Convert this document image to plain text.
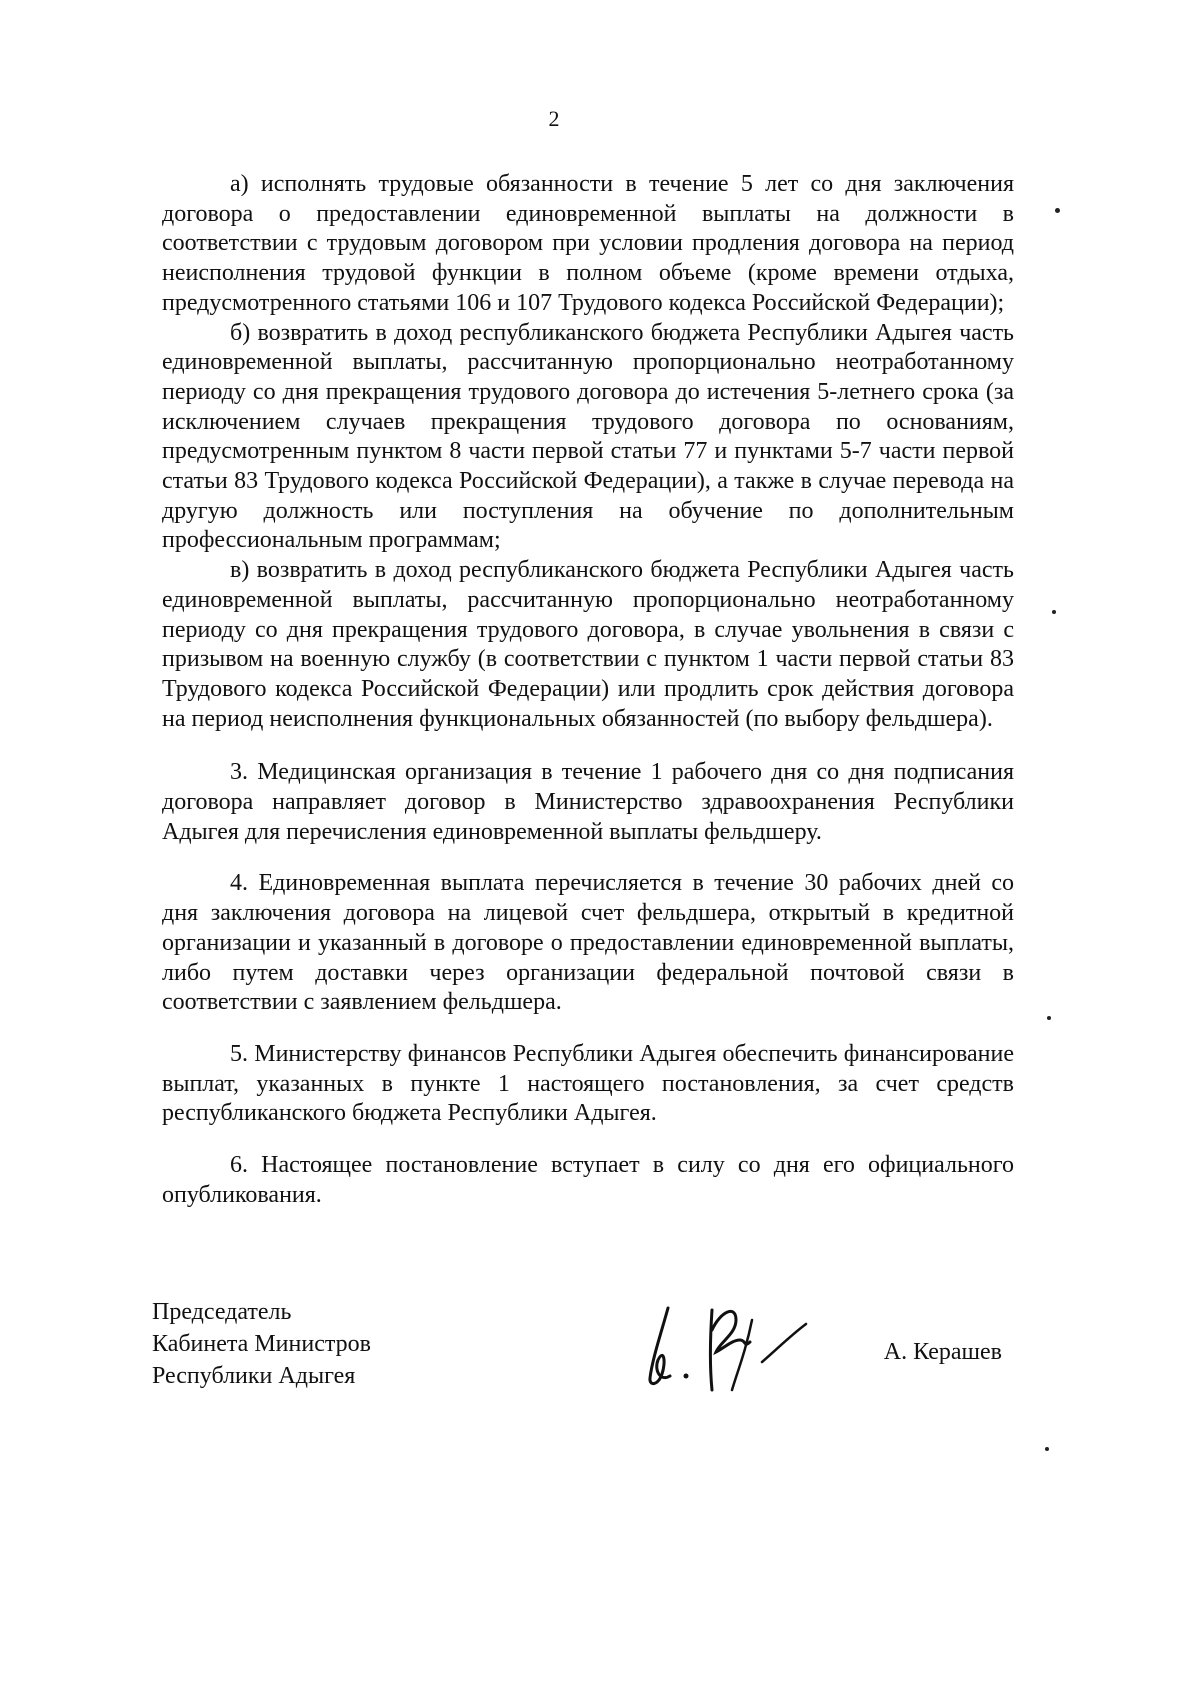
2

а) исполнять трудовые обязанности в течение 5 лет со дня заключения договора о предоставлении единовременной выплаты на должности в соответствии с трудовым договором при условии продления договора на период неисполнения трудовой функции в полном объеме (кроме времени отдыха, предусмотренного статьями 106 и 107 Трудового кодекса Российской Федерации);

б) возвратить в доход республиканского бюджета Республики Адыгея часть единовременной выплаты, рассчитанную пропорционально неотработанному периоду со дня прекращения трудового договора до истечения 5-летнего срока (за исключением случаев прекращения трудового договора по основаниям, предусмотренным пунктом 8 части первой статьи 77 и пунктами 5-7 части первой статьи 83 Трудового кодекса Российской Федерации), а также в случае перевода на другую должность или поступления на обучение по дополнительным профессиональным программам;

в) возвратить в доход республиканского бюджета Республики Адыгея часть единовременной выплаты, рассчитанную пропорционально неотработанному периоду со дня прекращения трудового договора, в случае увольнения в связи с призывом на военную службу (в соответствии с пунктом 1 части первой статьи 83 Трудового кодекса Российской Федерации) или продлить срок действия договора на период неисполнения функциональных обязанностей (по выбору фельдшера).

3. Медицинская организация в течение 1 рабочего дня со дня подписания договора направляет договор в Министерство здравоохранения Республики Адыгея для перечисления единовременной выплаты фельдшеру.

4. Единовременная выплата перечисляется в течение 30 рабочих дней со дня заключения договора на лицевой счет фельдшера, открытый в кредитной организации и указанный в договоре о предоставлении единовременной выплаты, либо путем доставки через организации федеральной почтовой связи в соответствии с заявлением фельдшера.

5. Министерству финансов Республики Адыгея обеспечить финансирование выплат, указанных в пункте 1 настоящего постановления, за счет средств республиканского бюджета Республики Адыгея.

6. Настоящее постановление вступает в силу со дня его официального опубликования.

Председатель
Кабинета Министров
Республики Адыгея
А. Керашев
